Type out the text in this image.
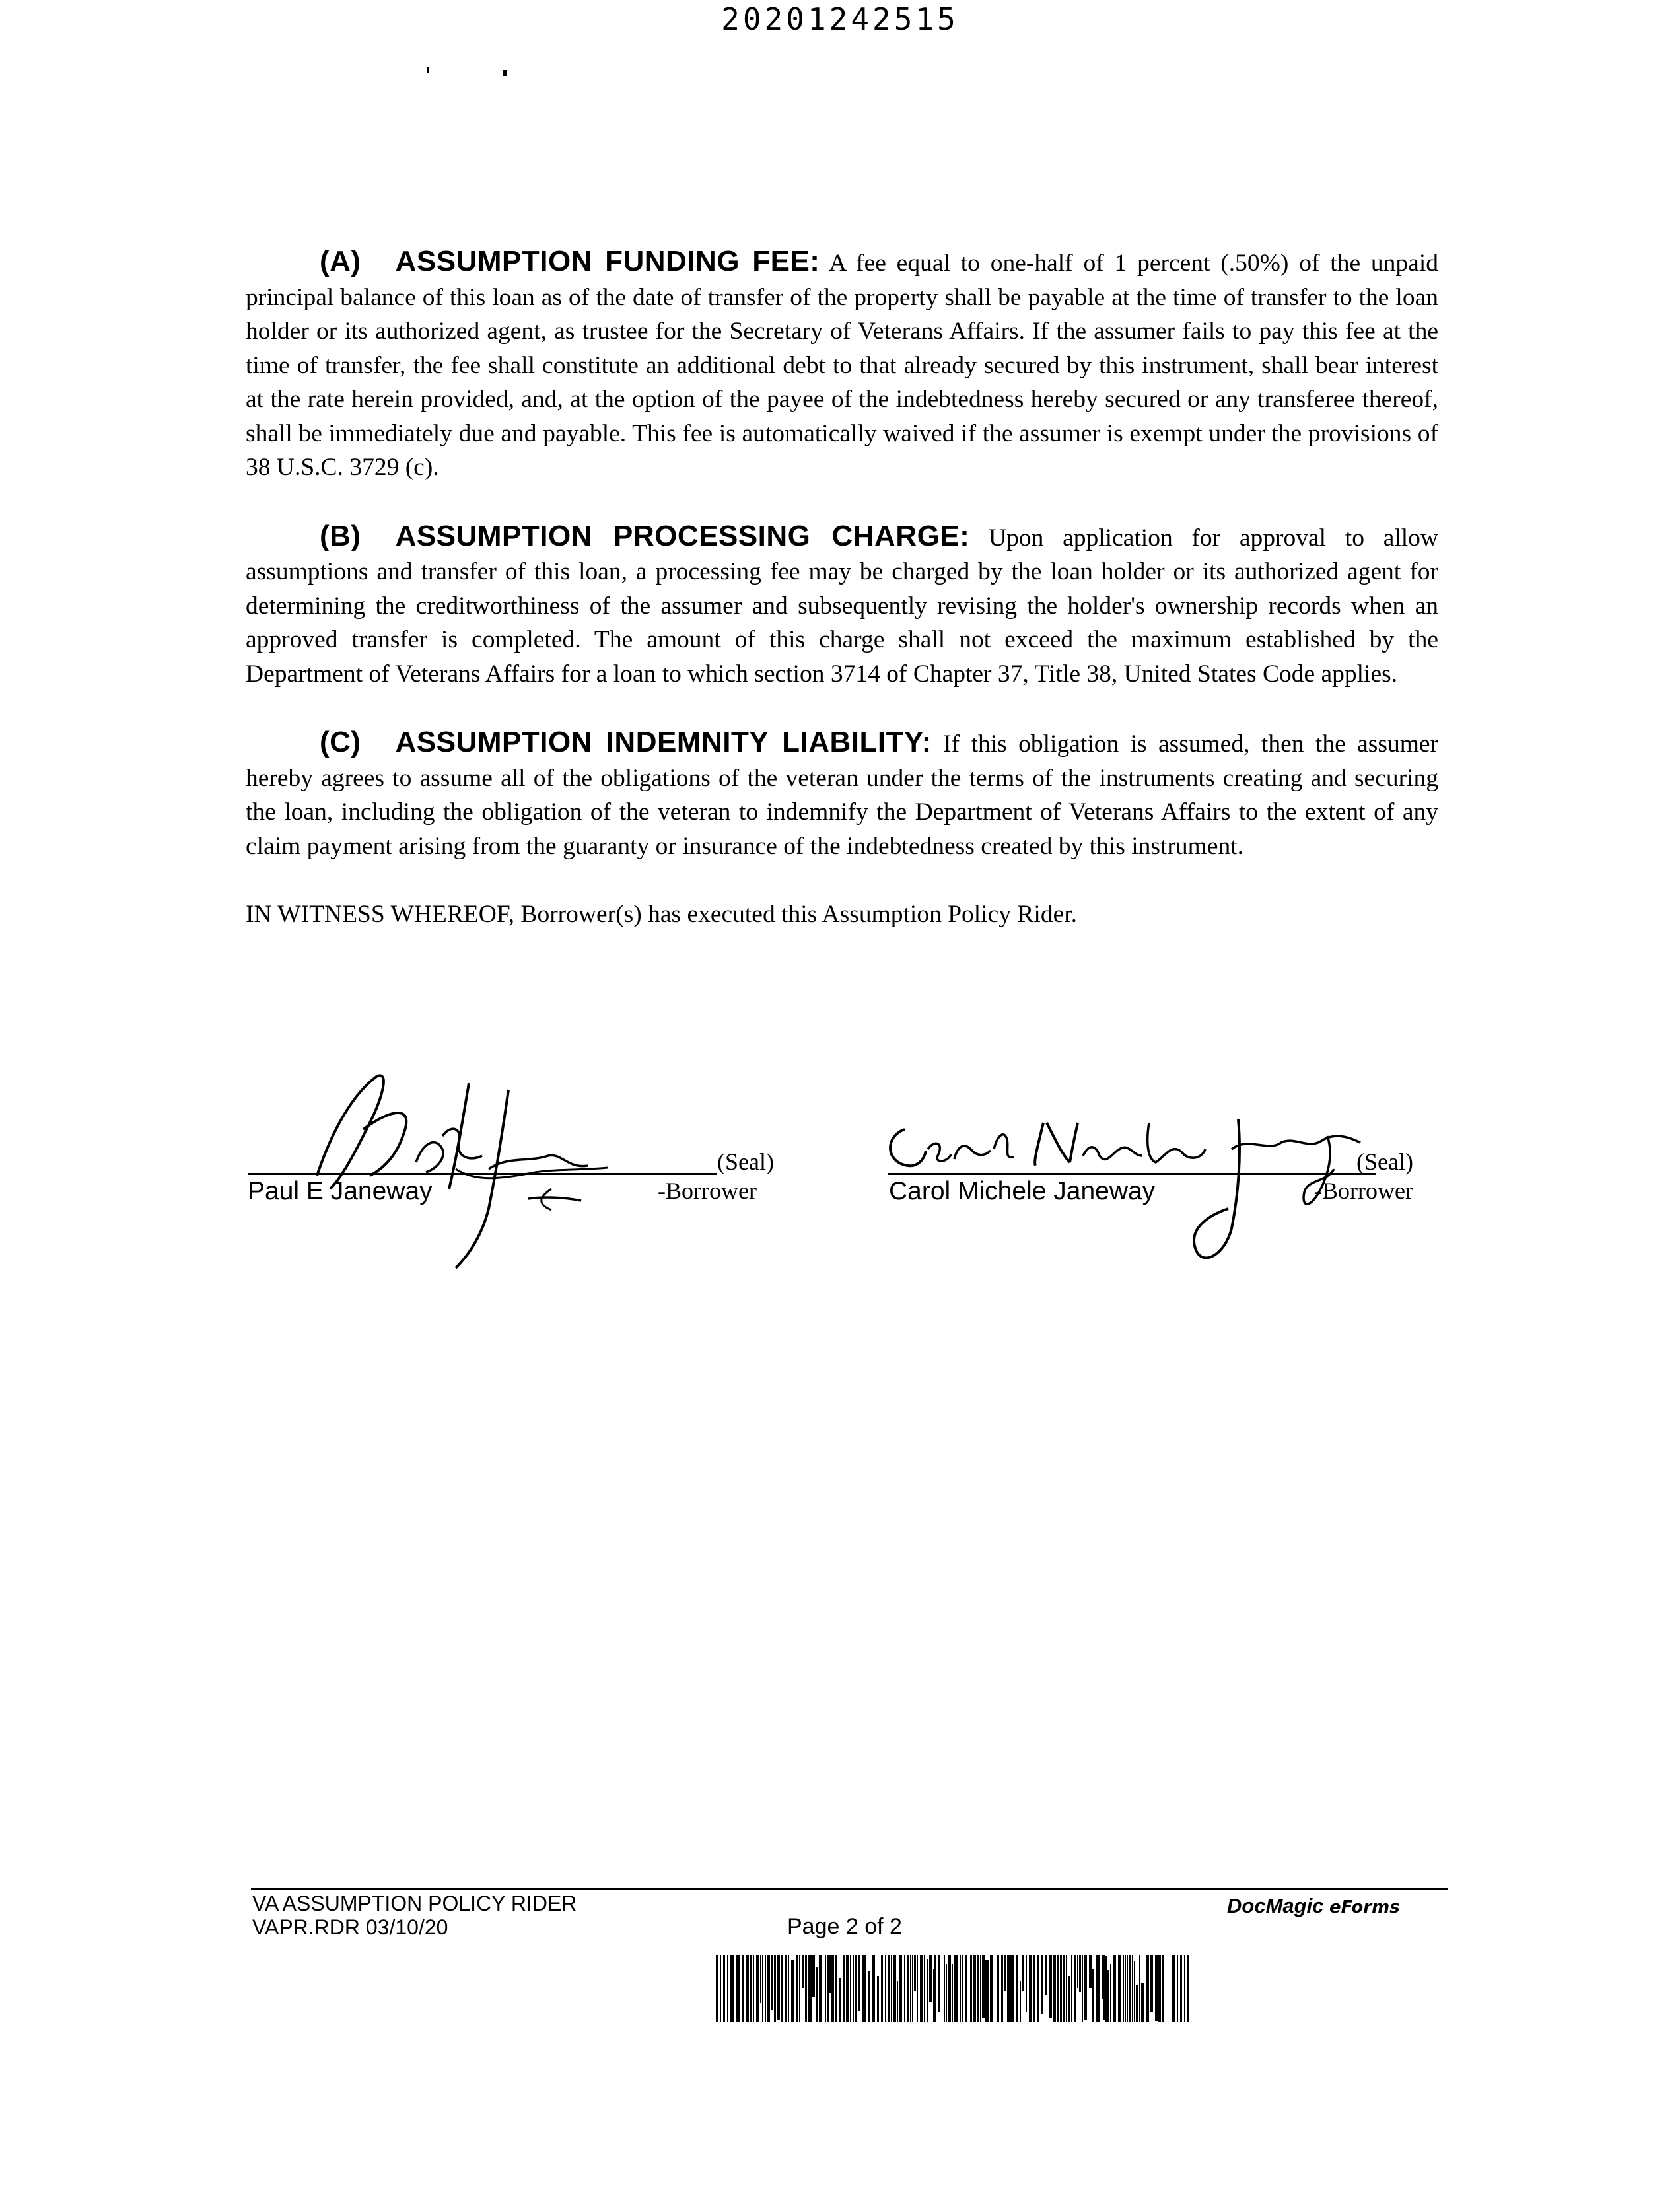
20201242515

(A) ASSUMPTION FUNDING FEE: A fee equal to one-half of 1 percent (.50%) of the unpaid principal balance of this loan as of the date of transfer of the property shall be payable at the time of transfer to the loan holder or its authorized agent, as trustee for the Secretary of Veterans Affairs. If the assumer fails to pay this fee at the time of transfer, the fee shall constitute an additional debt to that already secured by this instrument, shall bear interest at the rate herein provided, and, at the option of the payee of the indebtedness hereby secured or any transferee thereof, shall be immediately due and payable. This fee is automatically waived if the assumer is exempt under the provisions of 38 U.S.C. 3729 (c).

(B) ASSUMPTION PROCESSING CHARGE: Upon application for approval to allow assumptions and transfer of this loan, a processing fee may be charged by the loan holder or its authorized agent for determining the creditworthiness of the assumer and subsequently revising the holder's ownership records when an approved transfer is completed. The amount of this charge shall not exceed the maximum established by the Department of Veterans Affairs for a loan to which section 3714 of Chapter 37, Title 38, United States Code applies.

(C) ASSUMPTION INDEMNITY LIABILITY: If this obligation is assumed, then the assumer hereby agrees to assume all of the obligations of the veteran under the terms of the instruments creating and securing the loan, including the obligation of the veteran to indemnify the Department of Veterans Affairs to the extent of any claim payment arising from the guaranty or insurance of the indebtedness created by this instrument.

IN WITNESS WHEREOF, Borrower(s) has executed this Assumption Policy Rider.

(Seal)
Paul E Janeway	-Borrower
(Seal)
Carol Michele Janeway	-Borrower
VA ASSUMPTION POLICY RIDER
VAPR.RDR 03/10/20	Page 2 of 2
DocMagic eForms
